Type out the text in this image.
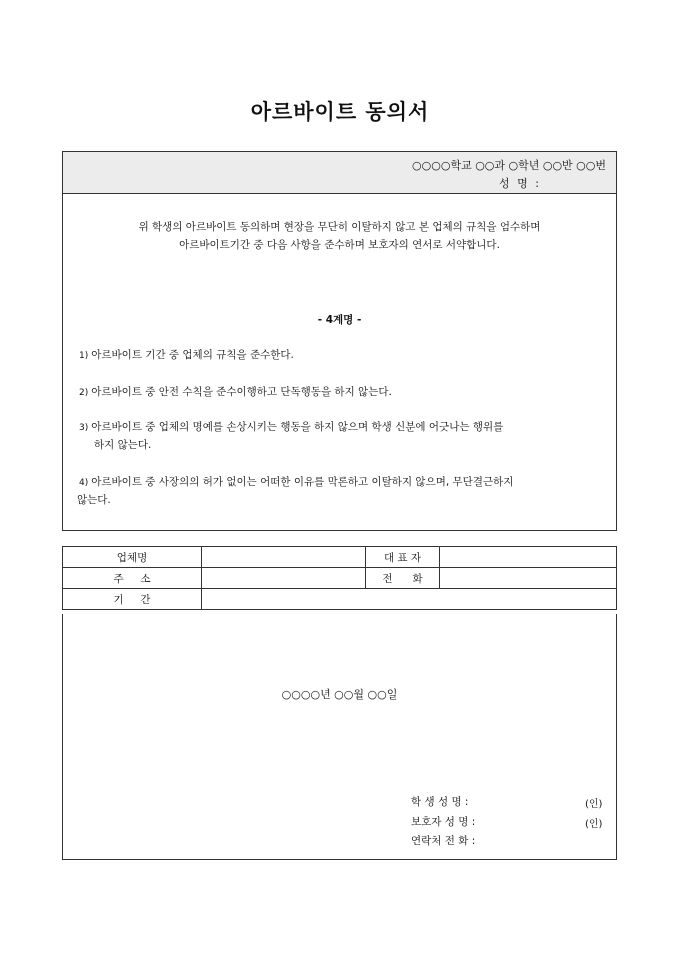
아르바이트 동의서
○○○○학교 ○○과 ○학년 ○○반 ○○번
성 명 :
위 학생의 아르바이트 동의하며 현장을 무단히 이탈하지 않고 본 업체의 규칙을 엄수하며
아르바이트기간 중 다음 사항을 준수하며 보호자의 연서로 서약합니다.
- 4계명 -
1) 아르바이트 기간 중 업체의 규칙을 준수한다.
2) 아르바이트 중 안전 수칙을 준수이행하고 단독행동을 하지 않는다.
3) 아르바이트 중 업체의 명예를 손상시키는 행동을 하지 않으며 학생 신분에 어긋나는 행위를
하지 않는다.
4) 아르바이트 중 사장의의 허가 없이는 어떠한 이유를 막론하고 이탈하지 않으며, 무단결근하지
않는다.
업체명		대 표 자	
주     소		전      화	
기     간			
○○○○년 ○○월 ○○일
학 생 성 명 :	(인)
보호자 성 명 :	(인)
연락처 전 화 :
